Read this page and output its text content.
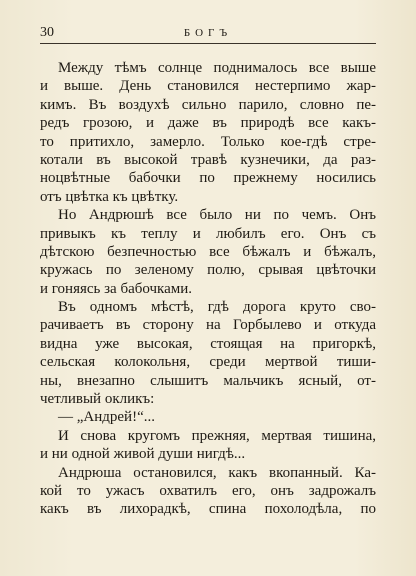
30	БОГЪ

Между тѣмъ солнце поднималось все выше
и выше. День становился нестерпимо жар-
кимъ. Въ воздухѣ сильно парило, словно пе-
редъ грозою, и даже въ природѣ все какъ-
то притихло, замерло. Только кое-гдѣ стре-
котали въ высокой травѣ кузнечики, да раз-
ноцвѣтные бабочки по прежнему носились
отъ цвѣтка къ цвѣтку.

Но Андрюшѣ все было ни по чемъ. Онъ
привыкъ къ теплу и любилъ его. Онъ съ
дѣтскою безпечностью все бѣжалъ и бѣжалъ,
кружась по зеленому полю, срывая цвѣточки
и гоняясь за бабочками.

Въ одномъ мѣстѣ, гдѣ дорога круто сво-
рачиваетъ въ сторону на Горбылево и откуда
видна уже высокая, стоящая на пригоркѣ,
сельская колокольня, среди мертвой тиши-
ны, внезапно слышитъ мальчикъ ясный, от-
четливый окликъ:

— „Андрей!“...

И снова кругомъ прежняя, мертвая тишина,
и ни одной живой души нигдѣ...

Андрюша остановился, какъ вкопанный. Ка-
кой то ужасъ охватилъ его, онъ задрожалъ
какъ въ лихорадкѣ, спина похолодѣла, по
